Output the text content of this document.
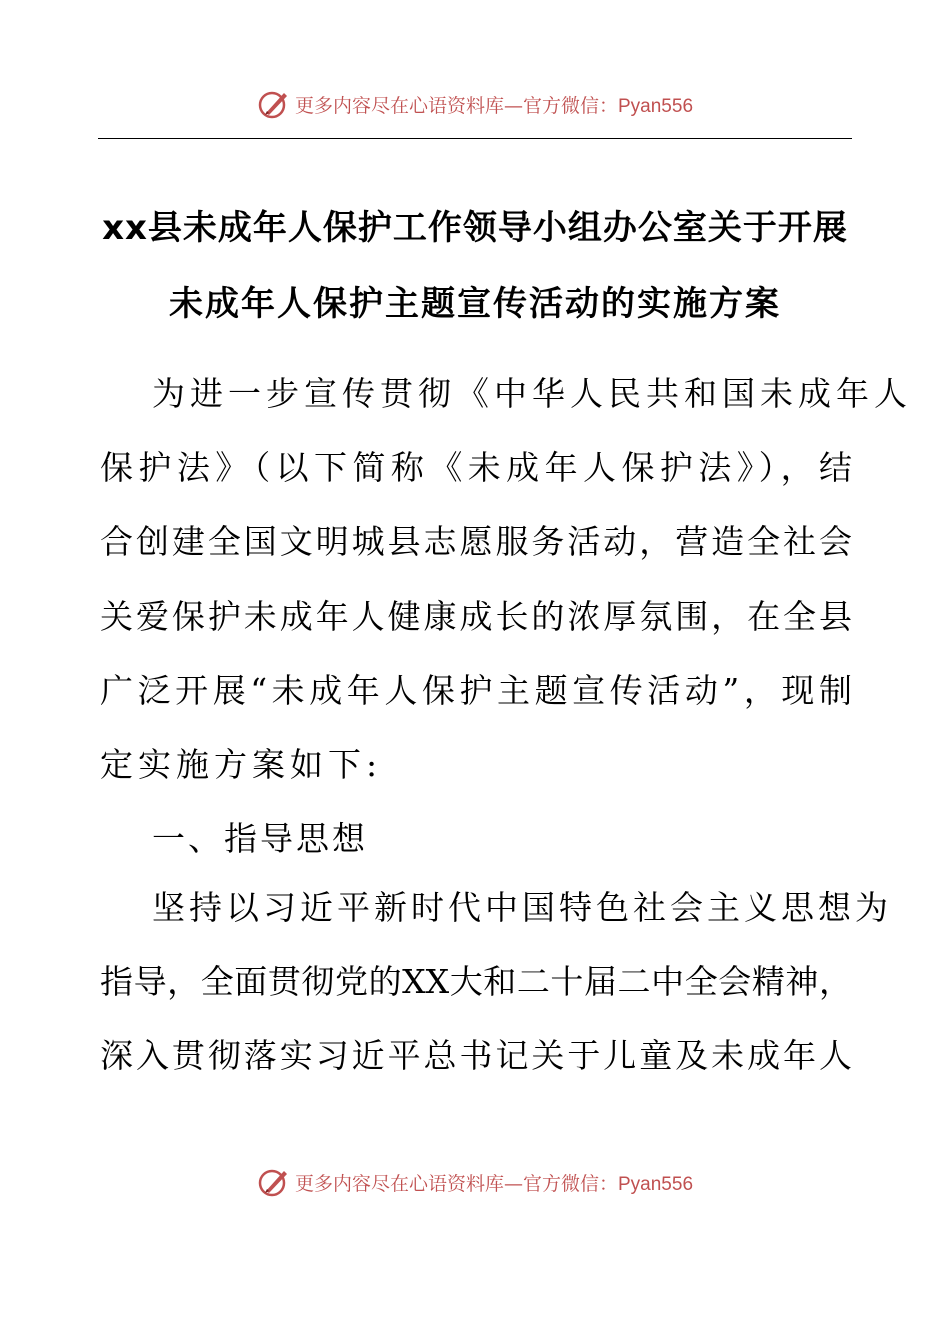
更多内容尽在心语资料库—官方微信：Pyan556
xx县未成年人保护工作领导小组办公室关于开展
未成年人保护主题宣传活动的实施方案
为进一步宣传贯彻《中华人民共和国未成年人
保护法》（以下简称《未成年人保护法》），结
合创建全国文明城县志愿服务活动，营造全社会
关爱保护未成年人健康成长的浓厚氛围，在全县
广泛开展“未成年人保护主题宣传活动”，现制
定实施方案如下:
一、指导思想
坚持以习近平新时代中国特色社会主义思想为
指导，全面贯彻党的XX大和二十届二中全会精神，
深入贯彻落实习近平总书记关于儿童及未成年人
更多内容尽在心语资料库—官方微信：Pyan556
